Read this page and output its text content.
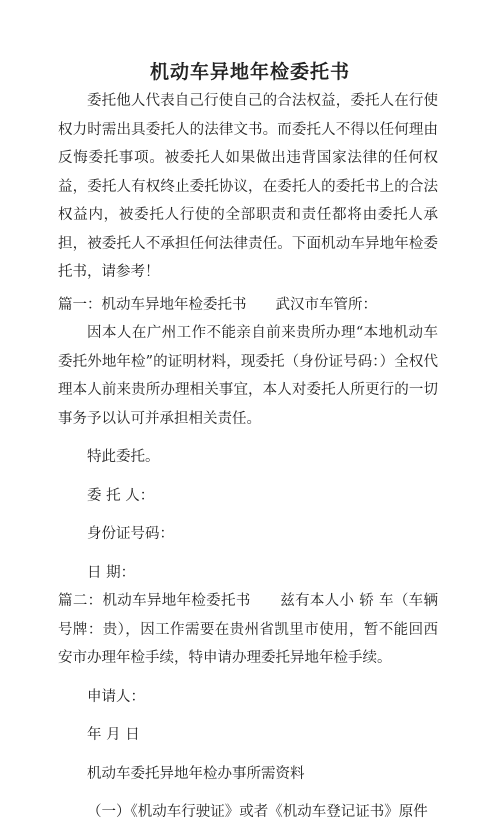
机动车异地年检委托书

委托他人代表自己行使自己的合法权益，委托人在行使权力时需出具委托人的法律文书。而委托人不得以任何理由反悔委托事项。被委托人如果做出违背国家法律的任何权益，委托人有权终止委托协议，在委托人的委托书上的合法权益内，被委托人行使的全部职责和责任都将由委托人承担，被委托人不承担任何法律责任。下面机动车异地年检委托书，请参考！

篇一：机动车异地年检委托书　　武汉市车管所：

因本人在广州工作不能亲自前来贵所办理“本地机动车委托外地年检”的证明材料，现委托（身份证号码：）全权代理本人前来贵所办理相关事宜，本人对委托人所更行的一切事务予以认可并承担相关责任。

特此委托。

委 托 人：

身份证号码：

日 期：

篇二：机动车异地年检委托书　　兹有本人小 轿 车（车辆号牌：贵），因工作需要在贵州省凯里市使用，暂不能回西安市办理年检手续，特申请办理委托异地年检手续。

申请人：

年 月 日

机动车委托异地年检办事所需资料

（一）《机动车行驶证》或者《机动车登记证书》原件
